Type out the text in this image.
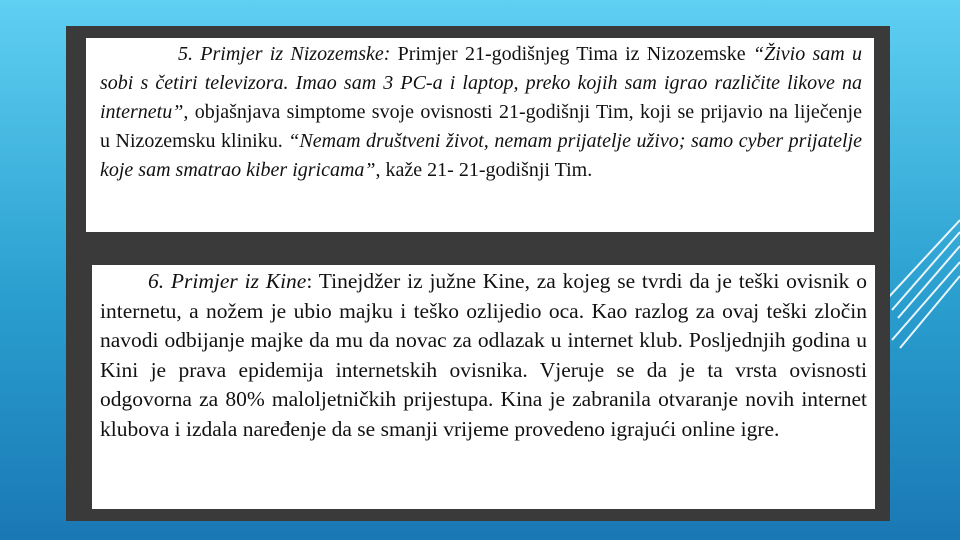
5. Primjer iz Nizozemske: Primjer 21-godišnjeg Tima iz Nizozemske “Živio sam u sobi s četiri televizora. Imao sam 3 PC-a i laptop, preko kojih sam igrao različite likove na internetu”, objašnjava simptome svoje ovisnosti 21-godišnji Tim, koji se prijavio na liječenje u Nizozemsku kliniku. “Nemam društveni život, nemam prijatelje uživo; samo cyber prijatelje koje sam smatrao kiber igricama”, kaže 21- 21-godišnji Tim.

6. Primjer iz Kine: Tinejdžer iz južne Kine, za kojeg se tvrdi da je teški ovisnik o internetu, a nožem je ubio majku i teško ozlijedio oca. Kao razlog za ovaj teški zločin navodi odbijanje majke da mu da novac za odlazak u internet klub. Posljednjih godina u Kini je prava epidemija internetskih ovisnika. Vjeruje se da je ta vrsta ovisnosti odgovorna za 80% maloljetničkih prijestupa. Kina je zabranila otvaranje novih internet klubova i izdala naređenje da se smanji vrijeme provedeno igrajući online igre.
